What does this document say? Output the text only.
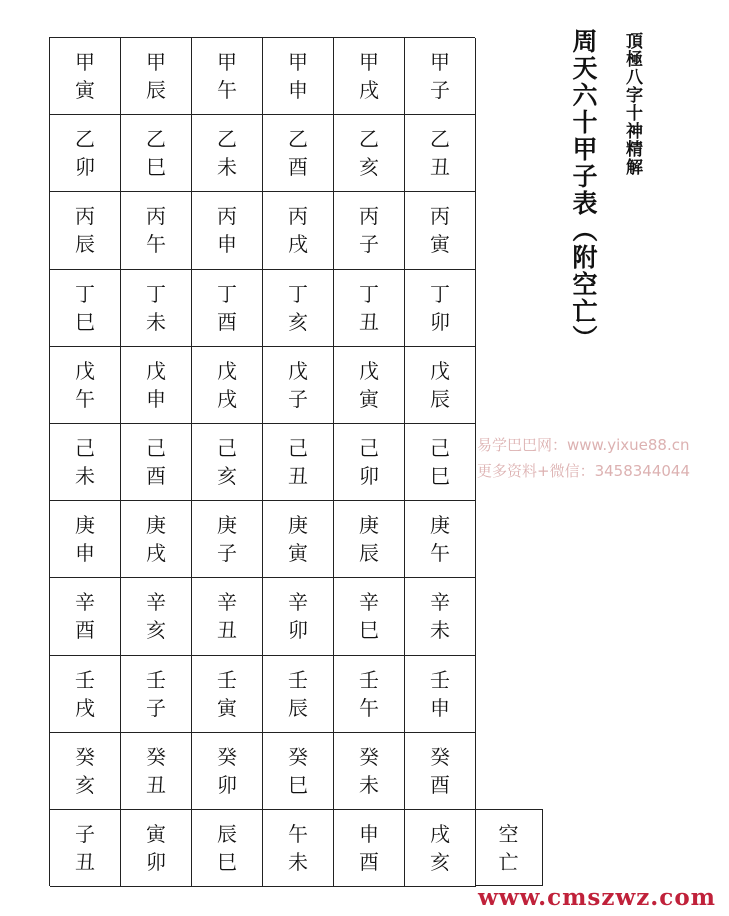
頂極八字十神精解
周天六十甲子表（附空亡）
甲
寅
乙
卯
丙
辰
丁
巳
戊
午
己
未
庚
申
辛
酉
壬
戌
癸
亥
子
丑
甲
辰
乙
巳
丙
午
丁
未
戊
申
己
酉
庚
戌
辛
亥
壬
子
癸
丑
寅
卯
甲
午
乙
未
丙
申
丁
酉
戊
戌
己
亥
庚
子
辛
丑
壬
寅
癸
卯
辰
巳
甲
申
乙
酉
丙
戌
丁
亥
戊
子
己
丑
庚
寅
辛
卯
壬
辰
癸
巳
午
未
甲
戌
乙
亥
丙
子
丁
丑
戊
寅
己
卯
庚
辰
辛
巳
壬
午
癸
未
申
酉
甲
子
乙
丑
丙
寅
丁
卯
戊
辰
己
巳
庚
午
辛
未
壬
申
癸
酉
戌
亥
空
亡
易学巴巴网：www.yixue88.cn
更多资料+微信：3458344044
www.cmszwz.com
